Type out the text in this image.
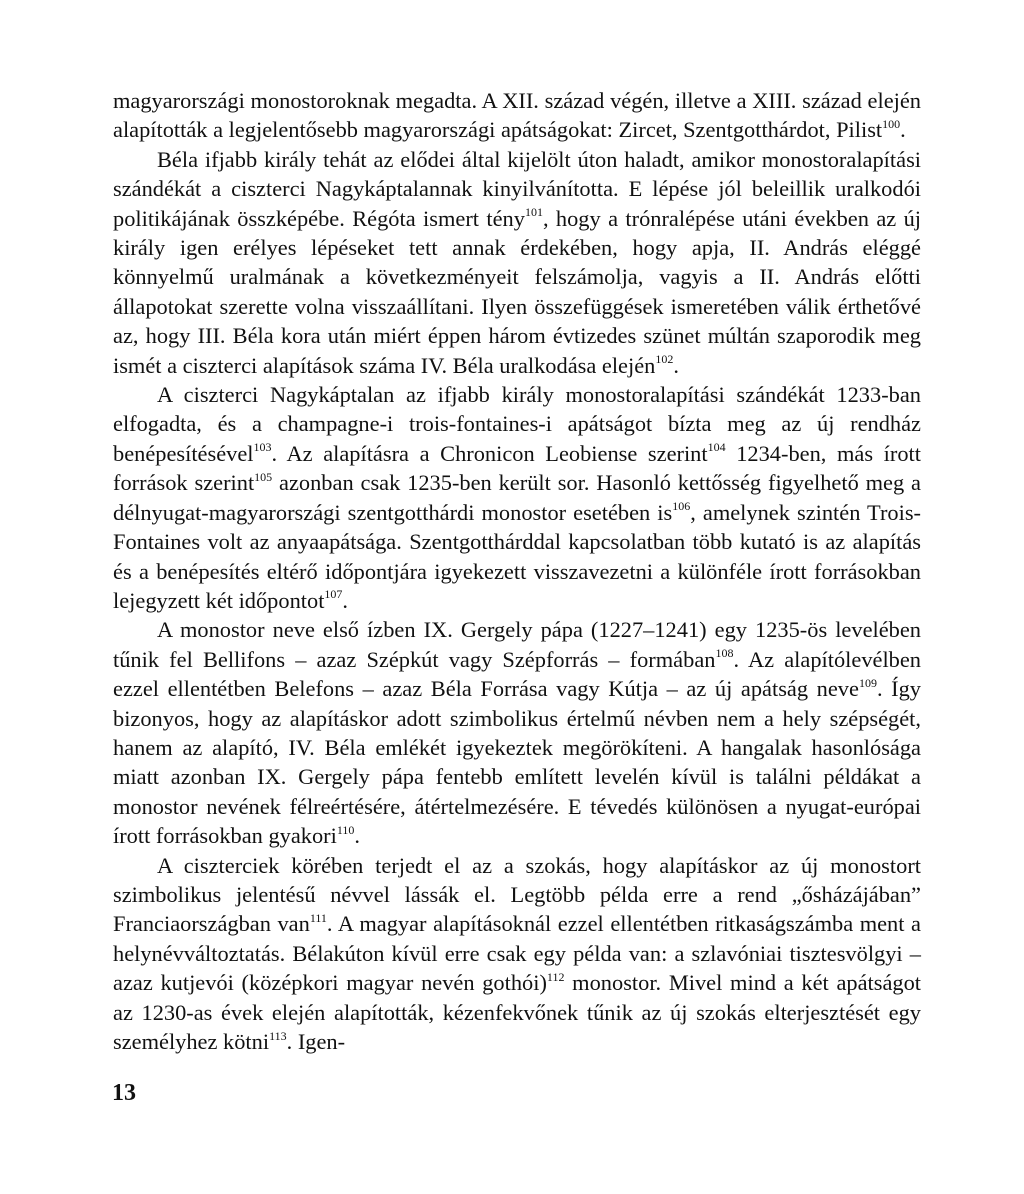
magyarországi monostoroknak megadta. A XII. század végén, illetve a XIII. század elején alapították a legjelentősebb magyarországi apátságokat: Zircet, Szentgotthárdot, Pilist$^{100}$.

Béla ifjabb király tehát az elődei által kijelölt úton haladt, amikor monostoralapítási szándékát a ciszterci Nagykáptalannak kinyilvánította. E lépése jól beleillik uralkodói politikájának összképébe. Régóta ismert tény$^{101}$, hogy a trónralépése utáni években az új király igen erélyes lépéseket tett annak érdekében, hogy apja, II. András eléggé könnyelmű uralmának a következményeit felszámolja, vagyis a II. András előtti állapotokat szerette volna visszaállítani. Ilyen összefüggések ismeretében válik érthetővé az, hogy III. Béla kora után miért éppen három évtizedes szünet múltán szaporodik meg ismét a ciszterci alapítások száma IV. Béla uralkodása elején$^{102}$.

A ciszterci Nagykáptalan az ifjabb király monostoralapítási szándékát 1233-ban elfogadta, és a champagne-i trois-fontaines-i apátságot bízta meg az új rendház benépesítésével$^{103}$. Az alapításra a Chronicon Leobiense szerint$^{104}$ 1234-ben, más írott források szerint$^{105}$ azonban csak 1235-ben került sor. Hasonló kettősség figyelhető meg a délnyugat-magyarországi szentgotthárdi monostor esetében $is^{106}$, amelynek szintén Trois-Fontaines volt az anyaapátsága. Szentgotthárddal kapcsolatban több kutató is az alapítás és a benépesítés eltérő időpontjára igyekezett visszavezetni a különféle írott forrásokban lejegyzett két időpontot$^{107}$.

A monostor neve első ízben IX. Gergely pápa (1227–1241) egy 1235-ös levelében tűnik fel Bellifons – azaz Szépkút vagy Szépforrás – formában$^{108}$. Az alapítólevélben ezzel ellentétben Belefons – azaz Béla Forrása vagy Kútja – az új apátság neve$^{109}$. Így bizonyos, hogy az alapításkor adott szimbolikus értelmű névben nem a hely szépségét, hanem az alapító, IV. Béla emlékét igyekeztek megörökíteni. A hangalak hasonlósága miatt azonban IX. Gergely pápa fentebb említett levelén kívül is találni példákat a monostor nevének félreértésére, átértelmezésére. E tévedés különösen a nyugat-európai írott forrásokban gyakori$^{110}$.

A ciszterciek körében terjedt el az a szokás, hogy alapításkor az új monostort szimbolikus jelentésű névvel lássák el. Legtöbb példa erre a rend „ősházájában” Franciaországban van$^{111}$. A magyar alapításoknál ezzel ellentétben ritkaságszámba ment a helynévváltoztatás. Bélakúton kívül erre csak egy példa van: a szlavóniai tisztesvölgyi – azaz kutjevói (középkori magyar nevén gothói)$^{112}$ monostor. Mivel mind a két apátságot az 1230-as évek elején alapították, kézenfekvőnek tűnik az új szokás elterjesztését egy személyhez kötni$^{113}$. Igen-

13
